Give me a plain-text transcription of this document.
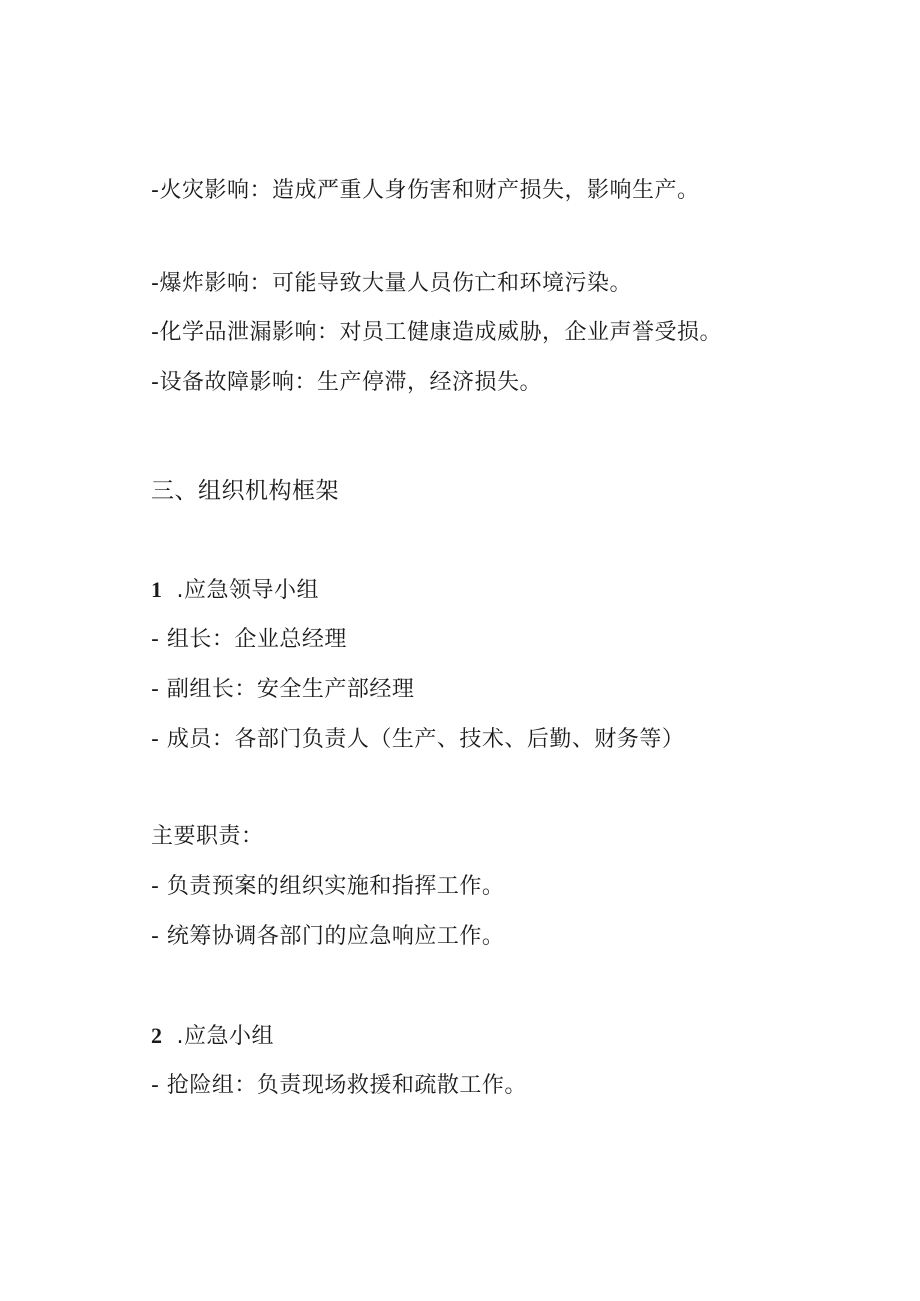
-火灾影响：造成严重人身伤害和财产损失，影响生产。
-爆炸影响：可能导致大量人员伤亡和环境污染。
-化学品泄漏影响：对员工健康造成威胁，企业声誉受损。
-设备故障影响：生产停滞，经济损失。
三、组织机构框架
1 .应急领导小组
- 组长：企业总经理
- 副组长：安全生产部经理
- 成员：各部门负责人（生产、技术、后勤、财务等）
主要职责：
- 负责预案的组织实施和指挥工作。
- 统筹协调各部门的应急响应工作。
2 .应急小组
- 抢险组：负责现场救援和疏散工作。
